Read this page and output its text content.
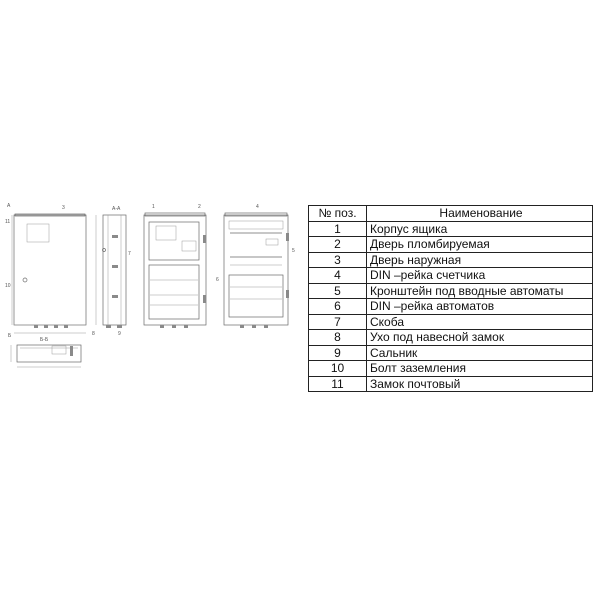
А	3
11
10
А-А
7
8	9
1	2	4
5
6
Б-Б
Б
№ поз.	Наименование
1	Корпус ящика
2	Дверь пломбируемая
3	Дверь наружная
4	DIN –рейка счетчика
5	Кронштейн под вводные автоматы
6	DIN –рейка автоматов
7	Скоба
8	Ухо под навесной замок
9	Сальник
10	Болт заземления
11	Замок почтовый
